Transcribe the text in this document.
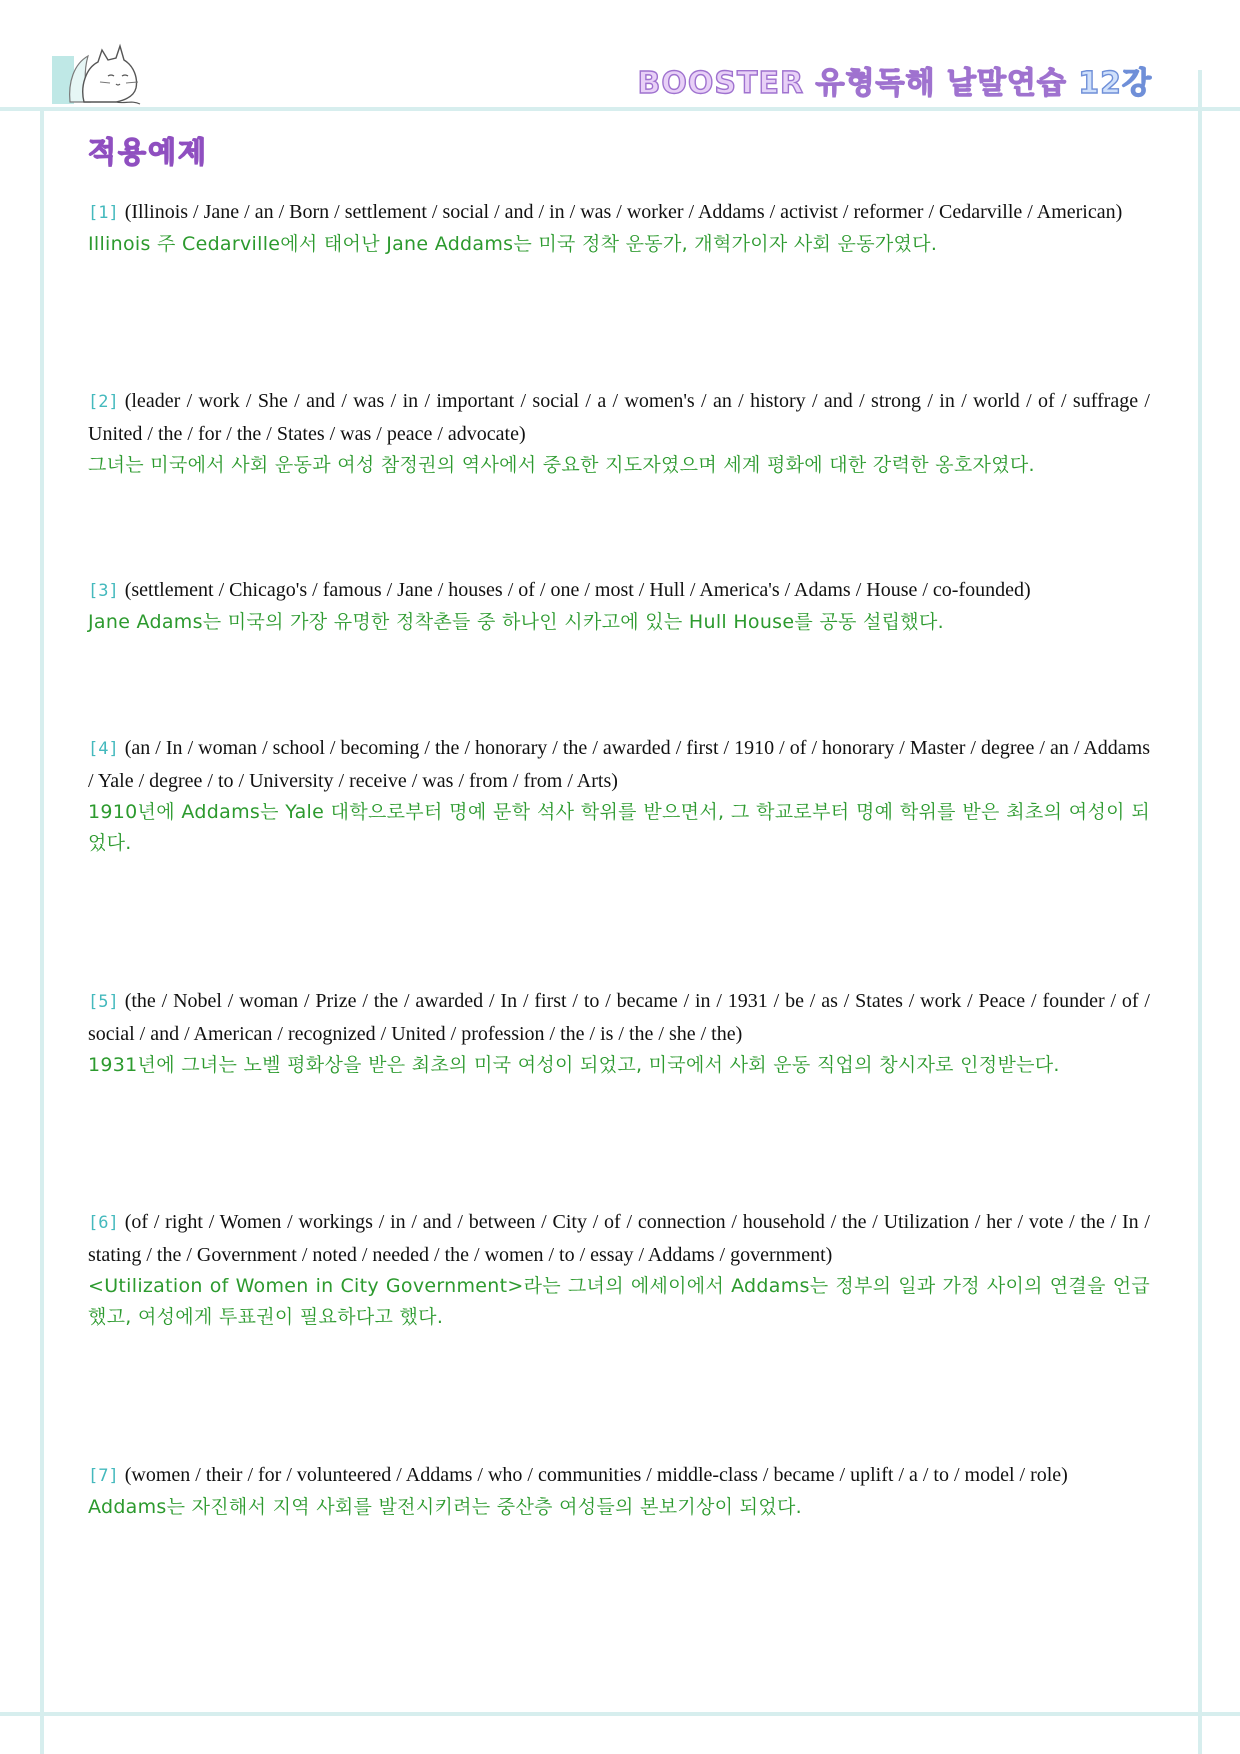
BOOSTER 유형독해 낱말연습 12강
적용예제
[1] (Illinois / Jane / an / Born / settlement / social / and / in / was / worker / Addams / activist / reformer / Cedarville / American)
Illinois 주 Cedarville에서 태어난 Jane Addams는 미국 정착 운동가, 개혁가이자 사회 운동가였다.
[2] (leader / work / She / and / was / in / important / social / a / women's / an / history / and / strong / in / world / of / suffrage / United / the / for / the / States / was / peace / advocate)
그녀는 미국에서 사회 운동과 여성 참정권의 역사에서 중요한 지도자였으며 세계 평화에 대한 강력한 옹호자였다.
[3] (settlement / Chicago's / famous / Jane / houses / of / one / most / Hull / America's / Adams / House / co-founded)
Jane Adams는 미국의 가장 유명한 정착촌들 중 하나인 시카고에 있는 Hull House를 공동 설립했다.
[4] (an / In / woman / school / becoming / the / honorary / the / awarded / first / 1910 / of / honorary / Master / degree / an / Addams / Yale / degree / to / University / receive / was / from / from / Arts)
1910년에 Addams는 Yale 대학으로부터 명예 문학 석사 학위를 받으면서, 그 학교로부터 명예 학위를 받은 최초의 여성이 되었다.
[5] (the / Nobel / woman / Prize / the / awarded / In / first / to / became / in / 1931 / be / as / States / work / Peace / founder / of / social / and / American / recognized / United / profession / the / is / the / she / the)
1931년에 그녀는 노벨 평화상을 받은 최초의 미국 여성이 되었고, 미국에서 사회 운동 직업의 창시자로 인정받는다.
[6] (of / right / Women / workings / in / and / between / City / of / connection / household / the / Utilization / her / vote / the / In / stating / the / Government / noted / needed / the / women / to / essay / Addams / government)
<Utilization of Women in City Government>라는 그녀의 에세이에서 Addams는 정부의 일과 가정 사이의 연결을 언급했고, 여성에게 투표권이 필요하다고 했다.
[7] (women / their / for / volunteered / Addams / who / communities / middle-class / became / uplift / a / to / model / role)
Addams는 자진해서 지역 사회를 발전시키려는 중산층 여성들의 본보기상이 되었다.
